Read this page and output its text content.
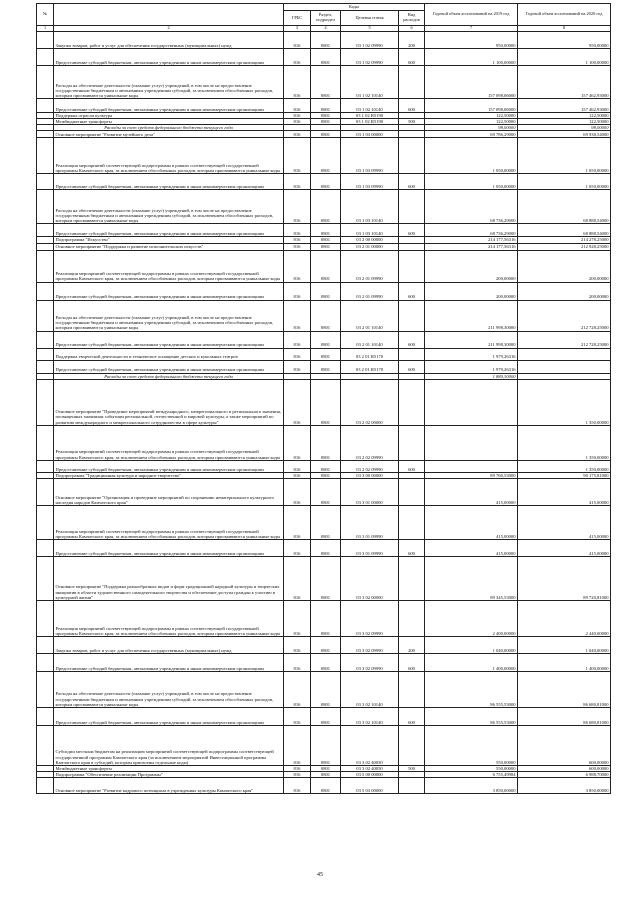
№		Коды				Годовой объем ассигнований на 2019 год	Годовой объем ассигнований на 2020 год
		ГРБС	Раздел, подраздел	Целевая статья	Вид расходов		
1	2	3	4	5	6	7	8
	Закупка товаров, работ и услуг для обеспечения государственных (муниципальных) нужд	816	0801	03 1 02 09990	200	950,00000	950,00000
	Предоставление субсидий бюджетным, автономным учреждениям и иным некоммерческим организациям	816	0801	03 1 02 09990	600	1 100,00000	1 100,00000
	Расходы на обеспечение деятельности (оказание услуг) учреждений, в том числе на предоставление государственным бюджетным и автономным учреждениям субсидий, за исключением обособленных расходов, которым присваиваются уникальные коды	816	0801	03 1 02 10140		157 098,06000	157 462,93000
	Предоставление субсидий бюджетным, автономным учреждениям и иным некоммерческим организациям	816	0801	03 1 02 10140	600	157 098,06000	157 462,93000
	Поддержка отрасли культура	816	0801	03 1 02 R5190		122,50000	122,50000
	Межбюджетные трансферты	816	0801	03 1 02 R5190	500	122,50000	122,50000
	Расходы за счет средств федерального бюджета текущего года					98,00000	98,00000
	Основное мероприятие "Развитие музейного дела"	816	0801	03 1 03 00000		69 786,29000	69 938,54000
	Реализация мероприятий соответствующей подпрограммы в рамках соответствующей государственной программы Камчатского края, за исключением обособленных расходов, которым присваиваются уникальные коды	816	0801	03 1 03 09990		1 050,00000	1 050,00000
	Предоставление субсидий бюджетным, автономным учреждениям и иным некоммерческим организациям	816	0801	03 1 03 09990	600	1 050,00000	1 050,00000
	Расходы на обеспечение деятельности (оказание услуг) учреждений, в том числе на предоставление государственным бюджетным и автономным учреждениям субсидий, за исключением обособленных расходов, которым присваиваются уникальные коды	816	0801	03 1 03 10140		68 736,29000	68 888,54000
	Предоставление субсидий бюджетным, автономным учреждениям и иным некоммерческим организациям	816	0801	03 1 03 10140	600	68 736,29000	68 888,54000
	Подпрограмма "Искусство"	816	0801	03 2 00 00000		214 177,56316	214 278,25000
	Основное мероприятие "Поддержка и развитие исполнительских искусств"	816	0801	03 2 01 00000		214 177,56316	212 928,25000
	Реализация мероприятий соответствующей подпрограммы в рамках соответствующей государственной программы Камчатского края, за исключением обособленных расходов, которым присваиваются уникальные коды	816	0801	03 2 01 09990		200,00000	200,00000
	Предоставление субсидий бюджетным, автономным учреждениям и иным некоммерческим организациям	816	0801	03 2 01 09990	600	200,00000	200,00000
	Расходы на обеспечение деятельности (оказание услуг) учреждений, в том числе на предоставление государственным бюджетным и автономным учреждениям субсидий, за исключением обособленных расходов, которым присваиваются уникальные коды	816	0801	03 2 01 10140		211 998,30000	212 728,25000
	Предоставление субсидий бюджетным, автономным учреждениям и иным некоммерческим организациям	816	0801	03 2 01 10140	600	211 998,30000	212 728,25000
	Поддержка творческой деятельности и техническое оснащение детских и кукольных театров	816	0801	03 2 01 R5170		1 979,26316	
	Предоставление субсидий бюджетным, автономным учреждениям и иным некоммерческим организациям	816	0801	03 2 01 R5170	600	1 979,26316	
	Расходы за счет средств федерального бюджета текущего года					1 880,30000	
	Основное мероприятие "Проведение мероприятий международного, межрегионального и регионального значения, посвященных значимым событиям региональной, отечественной и мировой культуры, а также мероприятий по развитию международного и межрегионального сотрудничества в сфере культуры"	816	0801	03 2 02 00000			1 350,00000
	Реализация мероприятий соответствующей подпрограммы в рамках соответствующей государственной программы Камчатского края, за исключением обособленных расходов, которым присваиваются уникальные коды	816	0801	03 2 02 09990			1 350,00000
	Предоставление субсидий бюджетным, автономным учреждениям и иным некоммерческим организациям	816	0801	03 2 02 09990	600		1 350,00000
	Подпрограмма "Традиционная культура и народное творчество"	816	0801	03 3 00 00000		89 760,53000	90 175,81000
	Основное мероприятие "Организация и проведение мероприятий по сохранению нематериального культурного наследия народов Камчатского края"	816	0801	03 3 01 00000		415,00000	415,00000
	Реализация мероприятий соответствующей подпрограммы в рамках соответствующей государственной программы Камчатского края, за исключением обособленных расходов, которым присваиваются уникальные коды	816	0801	03 3 01 09990		415,00000	415,00000
	Предоставление субсидий бюджетным, автономным учреждениям и иным некоммерческим организациям	816	0801	03 3 01 09990	600	415,00000	415,00000
	Основное мероприятие "Поддержка разнообразных видов и форм традиционной народной культуры и творческих инициатив в области художественного самодеятельного творчества и обеспечение доступа граждан к участию в культурной жизни"	816	0801	03 3 02 00000		89 345,53000	89 720,81000
	Реализация мероприятий соответствующей подпрограммы в рамках соответствующей государственной программы Камчатского края, за исключением обособленных расходов, которым присваиваются уникальные коды	816	0801	03 3 02 09990		2 400,00000	2 440,00000
	Закупка товаров, работ и услуг для обеспечения государственных (муниципальных) нужд	816	0801	03 3 02 09990	200	1 040,00000	1 040,00000
	Предоставление субсидий бюджетным, автономным учреждениям и иным некоммерческим организациям	816	0801	03 3 02 09990	600	1 400,00000	1 400,00000
	Расходы на обеспечение деятельности (оказание услуг) учреждений, в том числе на предоставление государственным бюджетным и автономным учреждениям субсидий, за исключением обособленных расходов, которым присваиваются уникальные коды	816	0801	03 3 02 10140		86 555,53000	86 680,81000
	Предоставление субсидий бюджетным, автономным учреждениям и иным некоммерческим организациям	816	0801	03 3 02 10140	600	86 555,53000	86 680,81000
	Субсидии местным бюджетам на реализацию мероприятий соответствующей подпрограммы соответствующей государственной программы Камчатского края (за исключением мероприятий Инвестиционной программы Камчатского края в субсидий, которым присвоены отдельные коды)	816	0801	03 3 02 40050		550,00000	600,00000
	Межбюджетные трансферты	816	0801	03 3 02 40050	500	550,00000	600,00000
	Подпрограмма "Обеспечение реализации Программы"	816	0801	03 5 00 00000		6 755,49984	6 988,70000
	Основное мероприятие "Развитие кадрового потенциала в учреждениях культуры Камчатского края"	816	0801	03 5 03 00000		3 850,00000	3 850,00000
45
